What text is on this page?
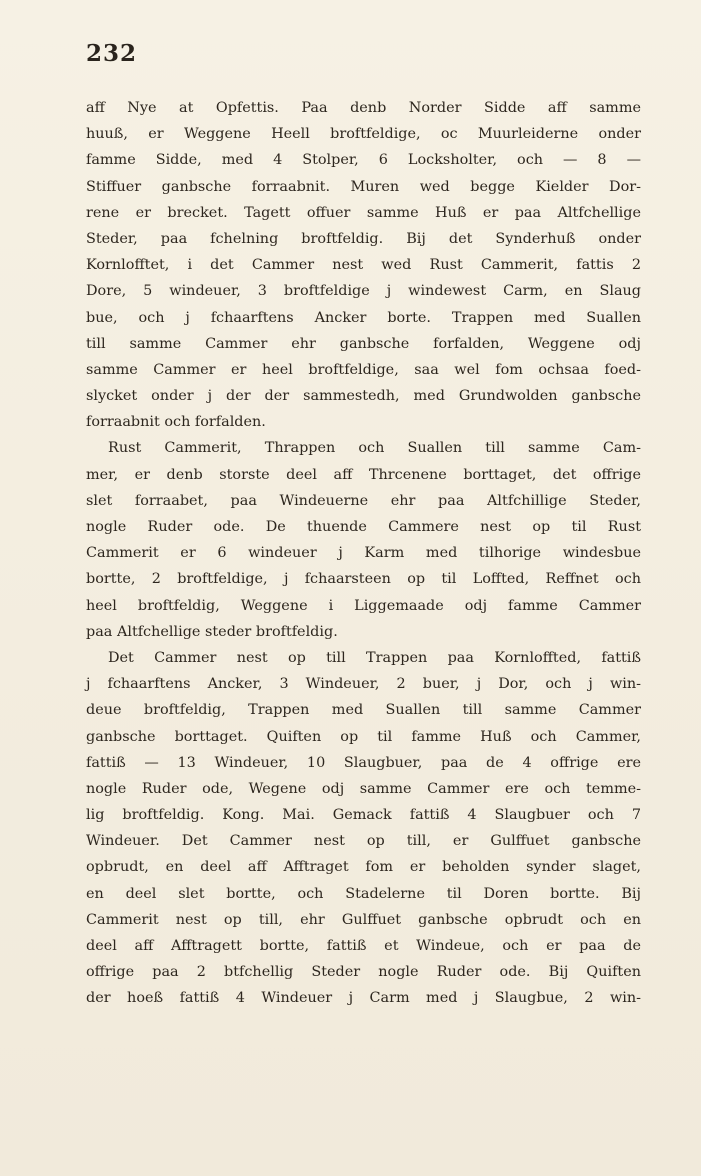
232
aff Nye at Opfettis. Paa denb Norder Sidde aff samme
huuß, er Weggene Heell broftfeldige, oc Muurleiderne onder
famme Sidde, med 4 Stolper, 6 Locksholter, och — 8 —
Stiffuer ganbsche forraabnit. Muren wed begge Kielder Dor-
rene er brecket. Tagett offuer samme Huß er paa Altfchellige
Steder, paa fchelning broftfeldig. Bij det Synderhuß onder
Kornlofftet, i det Cammer nest wed Rust Cammerit, fattis 2
Dore, 5 windeuer, 3 broftfeldige j windewest Carm, en Slaug
bue, och j fchaarftens Ancker borte. Trappen med Suallen
till samme Cammer ehr ganbsche forfalden, Weggene odj
samme Cammer er heel broftfeldige, saa wel fom ochsaa foed-
slycket onder j der der sammestedh, med Grundwolden ganbsche
forraabnit och forfalden.
Rust Cammerit, Thrappen och Suallen till samme Cam-
mer, er denb storste deel aff Thrcenene borttaget, det offrige
slet forraabet, paa Windeuerne ehr paa Altfchillige Steder,
nogle Ruder ode. De thuende Cammere nest op til Rust
Cammerit er 6 windeuer j Karm med tilhorige windesbue
bortte, 2 broftfeldige, j fchaarsteen op til Loffted, Reffnet och
heel broftfeldig, Weggene i Liggemaade odj famme Cammer
paa Altfchellige steder broftfeldig.
Det Cammer nest op till Trappen paa Kornloffted, fattiß
j fchaarftens Ancker, 3 Windeuer, 2 buer, j Dor, och j win-
deue broftfeldig, Trappen med Suallen till samme Cammer
ganbsche borttaget. Quiften op til famme Huß och Cammer,
fattiß — 13 Windeuer, 10 Slaugbuer, paa de 4 offrige ere
nogle Ruder ode, Wegene odj samme Cammer ere och temme-
lig broftfeldig. Kong. Mai. Gemack fattiß 4 Slaugbuer och 7
Windeuer. Det Cammer nest op till, er Gulffuet ganbsche
opbrudt, en deel aff Afftraget fom er beholden synder slaget,
en deel slet bortte, och Stadelerne til Doren bortte. Bij
Cammerit nest op till, ehr Gulffuet ganbsche opbrudt och en
deel aff Afftragett bortte, fattiß et Windeue, och er paa de
offrige paa 2 btfchellig Steder nogle Ruder ode. Bij Quiften
der hoeß fattiß 4 Windeuer j Carm med j Slaugbue, 2 win-
